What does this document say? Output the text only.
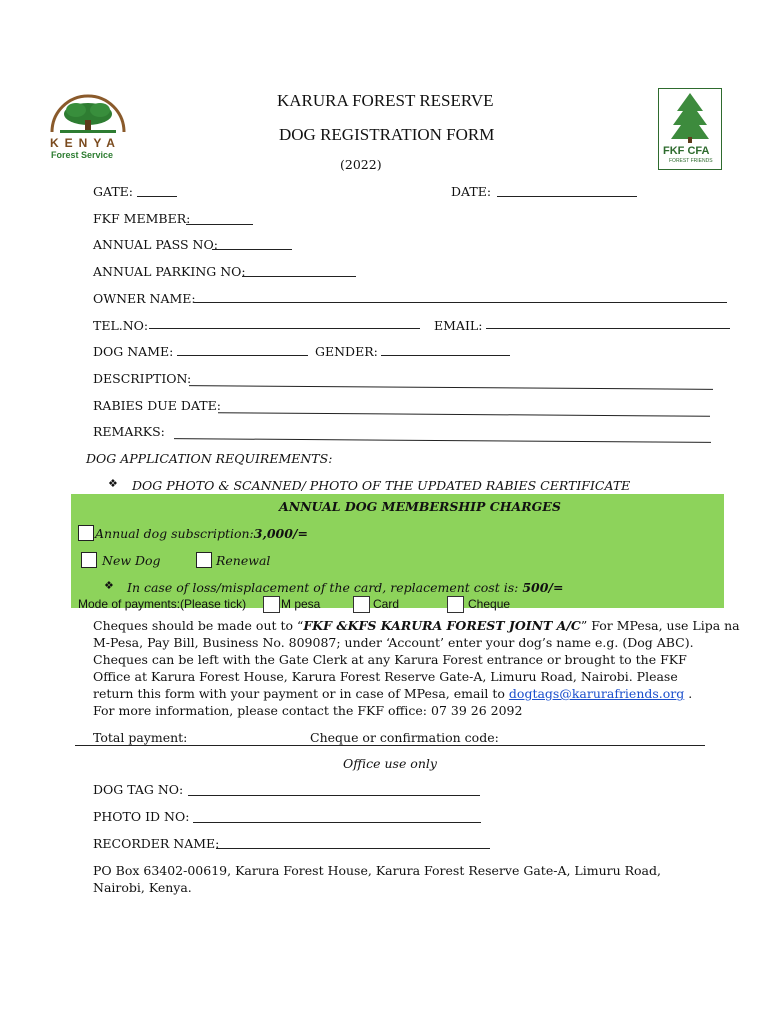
KENYA
Forest Service	FKF CFA
FOREST FRIENDS
KARURA FOREST RESERVE
DOG REGISTRATION FORM
(2022)
GATE:	DATE:
FKF MEMBER:
ANNUAL PASS NO:
ANNUAL PARKING NO:
OWNER NAME:
TEL.NO:	EMAIL:
DOG NAME:	GENDER:
DESCRIPTION:
RABIES DUE DATE:
REMARKS:
DOG APPLICATION REQUIREMENTS:
❖ DOG PHOTO & SCANNED/ PHOTO OF THE UPDATED RABIES CERTIFICATE
ANNUAL DOG MEMBERSHIP CHARGES
Annual dog subscription:3,000/=
New Dog	Renewal
❖ In case of loss/misplacement of the card, replacement cost is: 500/=
Mode of payments:(Please tick)	M pesa	Card	Cheque
Cheques should be made out to “FKF &KFS KARURA FOREST JOINT A/C” For MPesa, use Lipa na
M-Pesa, Pay Bill, Business No. 809087; under ‘Account’ enter your dog’s name e.g. (Dog ABC).
Cheques can be left with the Gate Clerk at any Karura Forest entrance or brought to the FKF
Office at Karura Forest House, Karura Forest Reserve Gate-A, Limuru Road, Nairobi. Please
return this form with your payment or in case of MPesa, email to dogtags@karurafriends.org .
For more information, please contact the FKF office: 07 39 26 2092
Total payment:	Cheque or confirmation code:
Office use only
DOG TAG NO:
PHOTO ID NO:
RECORDER NAME:
PO Box 63402-00619, Karura Forest House, Karura Forest Reserve Gate-A, Limuru Road,
Nairobi, Kenya.
